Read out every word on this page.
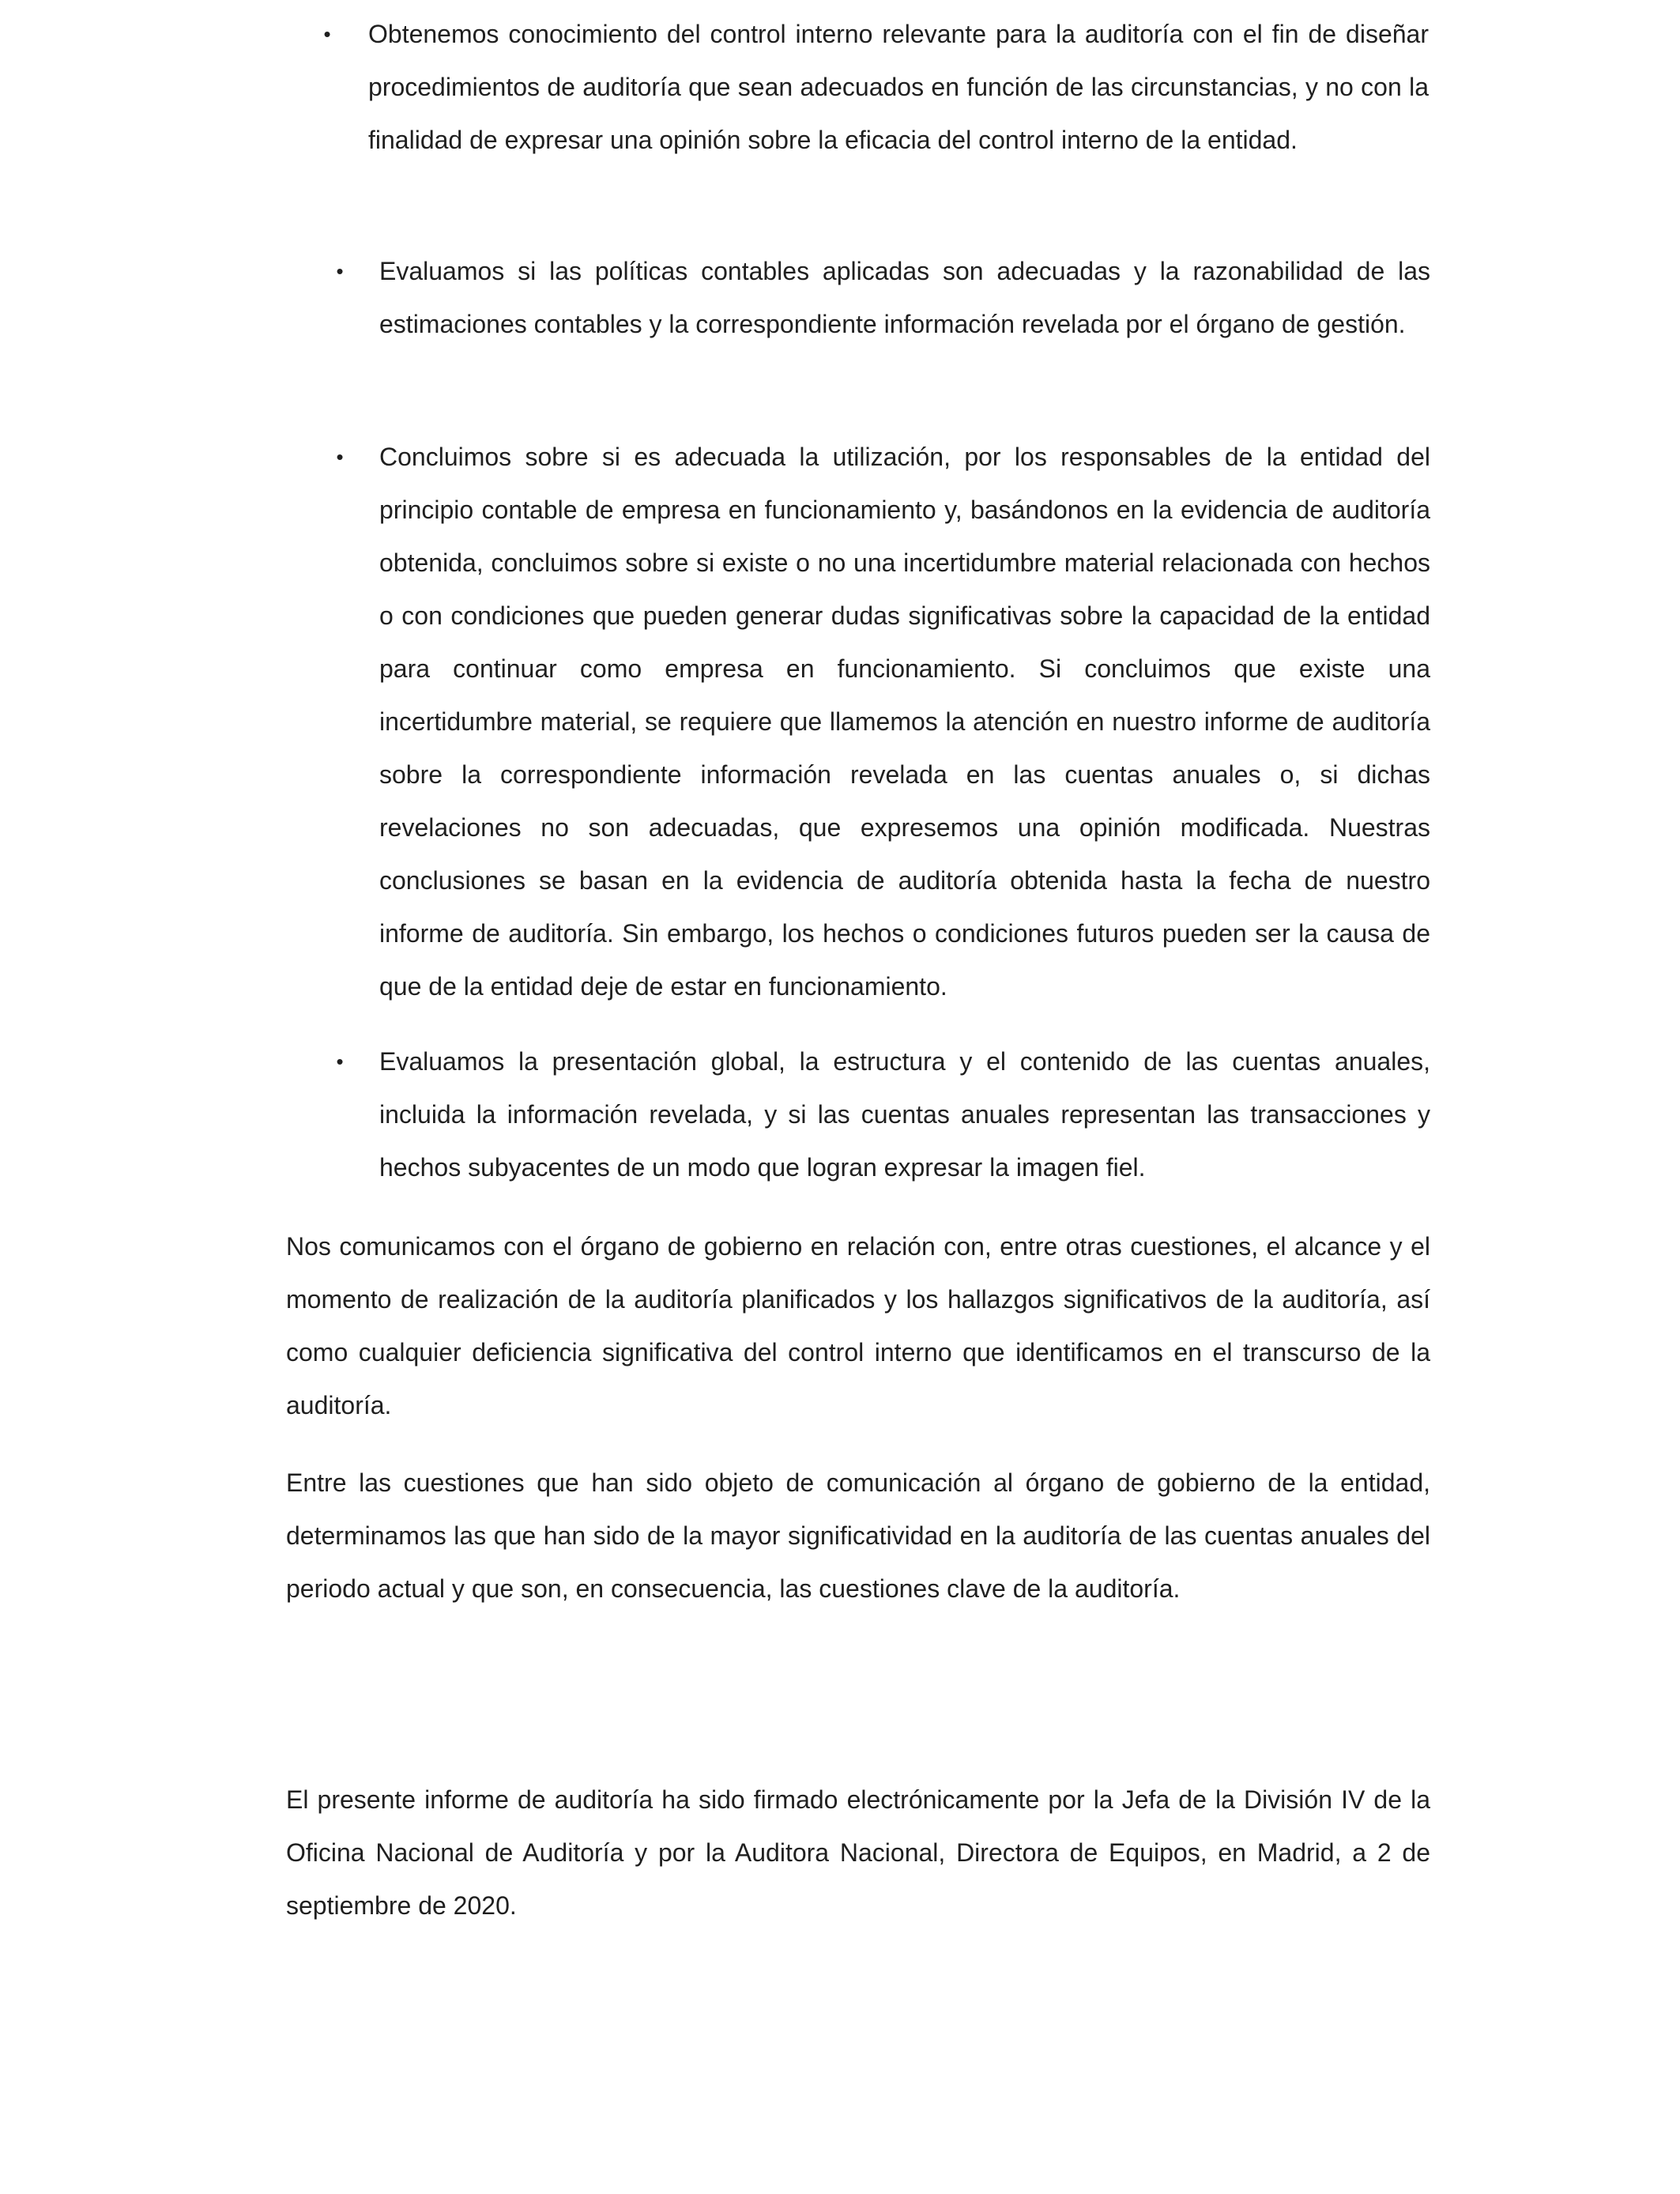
•	Obtenemos conocimiento del control interno relevante para la auditoría con el fin de diseñar procedimientos de auditoría que sean adecuados en función de las circunstancias, y no con la finalidad de expresar una opinión sobre la eficacia del control interno de la entidad.

•	Evaluamos si las políticas contables aplicadas son adecuadas y la razonabilidad de las estimaciones contables y la correspondiente información revelada por el órgano de gestión.

•	Concluimos sobre si es adecuada la utilización, por los responsables de la entidad del principio contable de empresa en funcionamiento y, basándonos en la evidencia de auditoría obtenida, concluimos sobre si existe o no una incertidumbre material relacionada con hechos o con condiciones que pueden generar dudas significativas sobre la capacidad de la entidad para continuar como empresa en funcionamiento. Si concluimos que existe una incertidumbre material, se requiere que llamemos la atención en nuestro informe de auditoría sobre la correspondiente información revelada en las cuentas anuales o, si dichas revelaciones no son adecuadas, que expresemos una opinión modificada. Nuestras conclusiones se basan en la evidencia de auditoría obtenida hasta la fecha de nuestro informe de auditoría. Sin embargo, los hechos o condiciones futuros pueden ser la causa de que de la entidad deje de estar en funcionamiento.

•	Evaluamos la presentación global, la estructura y el contenido de las cuentas anuales, incluida la información revelada, y si las cuentas anuales representan las transacciones y hechos subyacentes de un modo que logran expresar la imagen fiel.

Nos comunicamos con el órgano de gobierno en relación con, entre otras cuestiones, el alcance y el momento de realización de la auditoría planificados y los hallazgos significativos de la auditoría, así como cualquier deficiencia significativa del control interno que identificamos en el transcurso de la auditoría.

Entre las cuestiones que han sido objeto de comunicación al órgano de gobierno de la entidad, determinamos las que han sido de la mayor significatividad en la auditoría de las cuentas anuales del periodo actual y que son, en consecuencia, las cuestiones clave de la auditoría.

El presente informe de auditoría ha sido firmado electrónicamente por la Jefa de la División IV de la Oficina Nacional de Auditoría y por la Auditora Nacional, Directora de Equipos, en Madrid, a 2 de septiembre de 2020.
